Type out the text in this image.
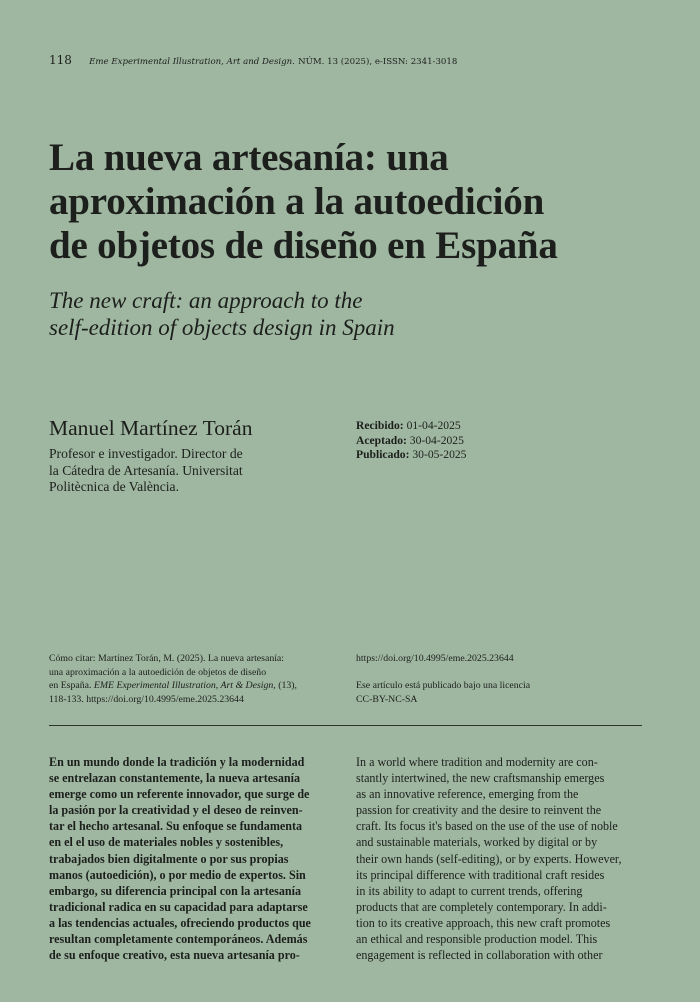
118 Eme Experimental Illustration, Art and Design. NÚM. 13 (2025), e-ISSN: 2341-3018
La nueva artesanía: una
aproximación a la autoedición
de objetos de diseño en España
The new craft: an approach to the
self-edition of objects design in Spain
Manuel Martínez Torán
Profesor e investigador. Director de
la Cátedra de Artesanía. Universitat
Politècnica de València.
Recibido: 01-04-2025
Aceptado: 30-04-2025
Publicado: 30-05-2025
Cómo citar: Martínez Torán, M. (2025). La nueva artesanía:
una aproximación a la autoedición de objetos de diseño
en España. EME Experimental Illustration, Art & Design, (13),
118-133. https://doi.org/10.4995/eme.2025.23644
https://doi.org/10.4995/eme.2025.23644
Ese artículo está publicado bajo una licencia
CC-BY-NC-SA
En un mundo donde la tradición y la modernidad
se entrelazan constantemente, la nueva artesanía
emerge como un referente innovador, que surge de
la pasión por la creatividad y el deseo de reinven-
tar el hecho artesanal. Su enfoque se fundamenta
en el el uso de materiales nobles y sostenibles,
trabajados bien digitalmente o por sus propias
manos (autoedición), o por medio de expertos. Sin
embargo, su diferencia principal con la artesanía
tradicional radica en su capacidad para adaptarse
a las tendencias actuales, ofreciendo productos que
resultan completamente contemporáneos. Además
de su enfoque creativo, esta nueva artesanía pro-
In a world where tradition and modernity are con-
stantly intertwined, the new craftsmanship emerges
as an innovative reference, emerging from the
passion for creativity and the desire to reinvent the
craft. Its focus it's based on the use of the use of noble
and sustainable materials, worked by digital or by
their own hands (self-editing), or by experts. However,
its principal difference with traditional craft resides
in its ability to adapt to current trends, offering
products that are completely contemporary. In addi-
tion to its creative approach, this new craft promotes
an ethical and responsible production model. This
engagement is reflected in collaboration with other
